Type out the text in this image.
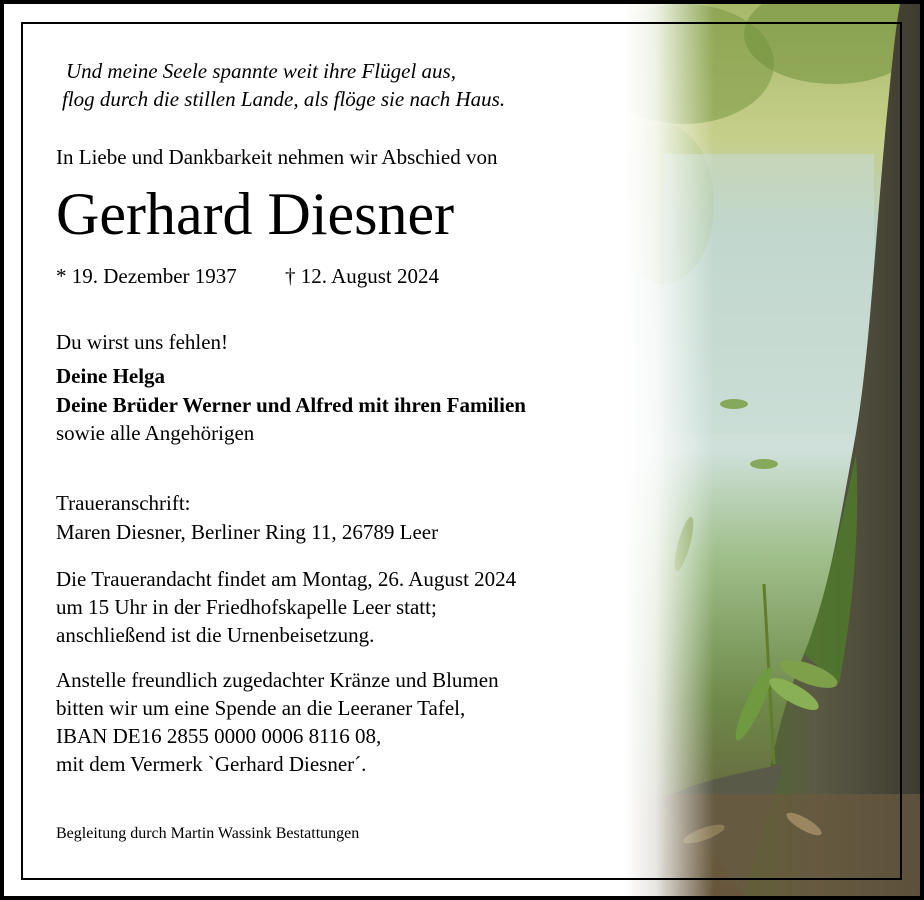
Und meine Seele spannte weit ihre Flügel aus,
flog durch die stillen Lande, als flöge sie nach Haus.
In Liebe und Dankbarkeit nehmen wir Abschied von
Gerhard Diesner
* 19. Dezember 1937 † 12. August 2024
Du wirst uns fehlen!
Deine Helga
Deine Brüder Werner und Alfred mit ihren Familien
sowie alle Angehörigen
Traueranschrift:
Maren Diesner, Berliner Ring 11, 26789 Leer
Die Trauerandacht findet am Montag, 26. August 2024
um 15 Uhr in der Friedhofskapelle Leer statt;
anschließend ist die Urnenbeisetzung.
Anstelle freundlich zugedachter Kränze und Blumen
bitten wir um eine Spende an die Leeraner Tafel,
IBAN DE16 2855 0000 0006 8116 08,
mit dem Vermerk `Gerhard Diesner´.
Begleitung durch Martin Wassink Bestattungen
